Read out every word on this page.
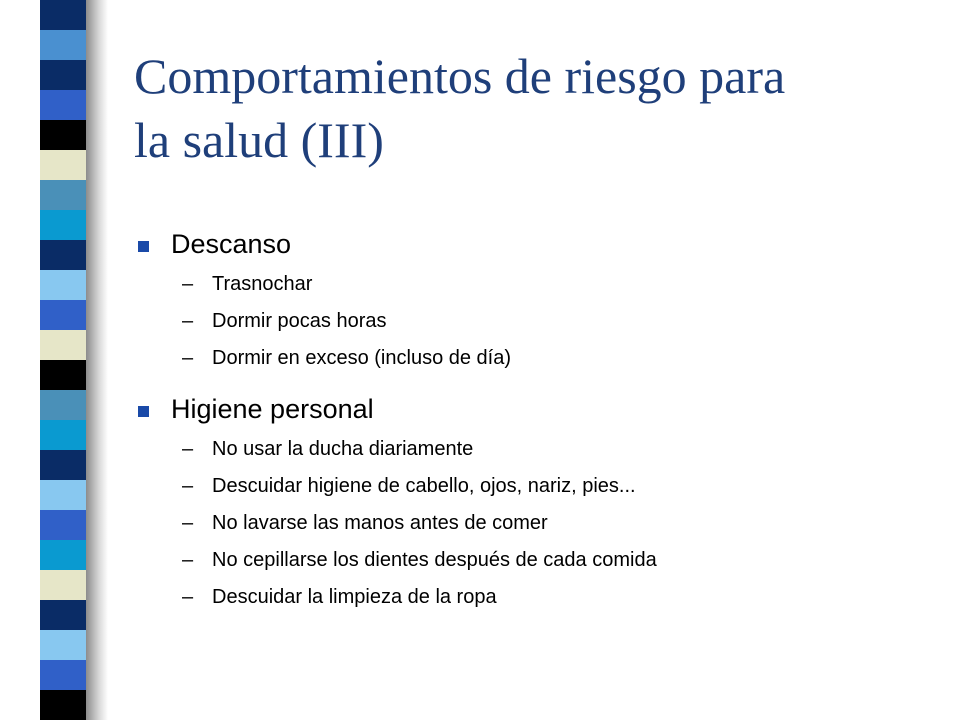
Comportamientos de riesgo para
la salud (III)
Descanso
– Trasnochar
– Dormir pocas horas
– Dormir en exceso (incluso de día)
Higiene personal
– No usar la ducha diariamente
– Descuidar higiene de cabello, ojos, nariz, pies...
– No lavarse las manos antes de comer
– No cepillarse los dientes después de cada comida
– Descuidar la limpieza de la ropa
